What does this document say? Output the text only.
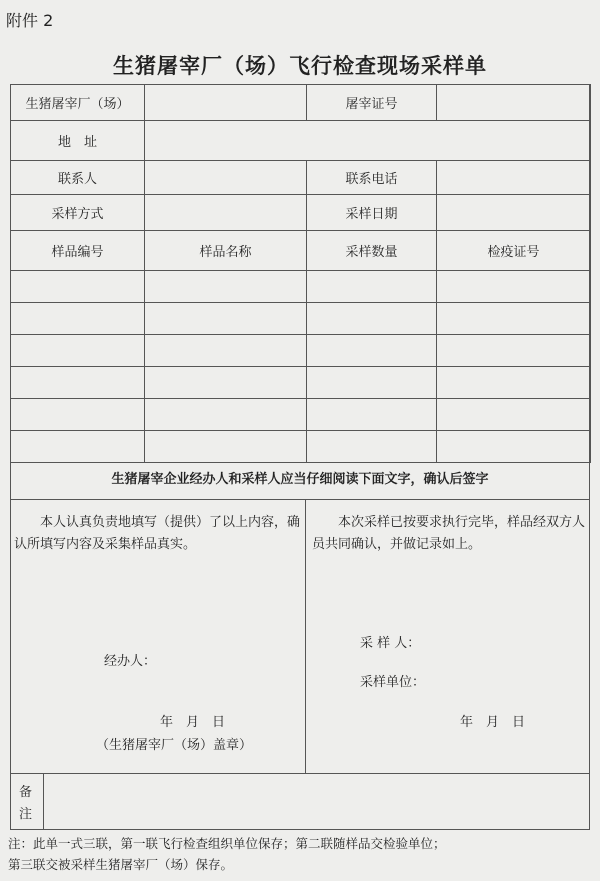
附件 2
生猪屠宰厂（场）飞行检查现场采样单
生猪屠宰厂（场）		屠宰证号	
地　址			
联系人		联系电话	
采样方式		采样日期	
样品编号	样品名称	采样数量	检疫证号

生猪屠宰企业经办人和采样人应当仔细阅读下面文字，确认后签字
本人认真负责地填写（提供）了以上内容，确认所填写内容及采集样品真实。
经办人：
年　月　日
（生猪屠宰厂（场）盖章）
本次采样已按要求执行完毕，样品经双方人员共同确认，并做记录如上。
采 样 人：
采样单位：
年　月　日
备注
注：此单一式三联，第一联飞行检查组织单位保存；第二联随样品交检验单位；
第三联交被采样生猪屠宰厂（场）保存。
